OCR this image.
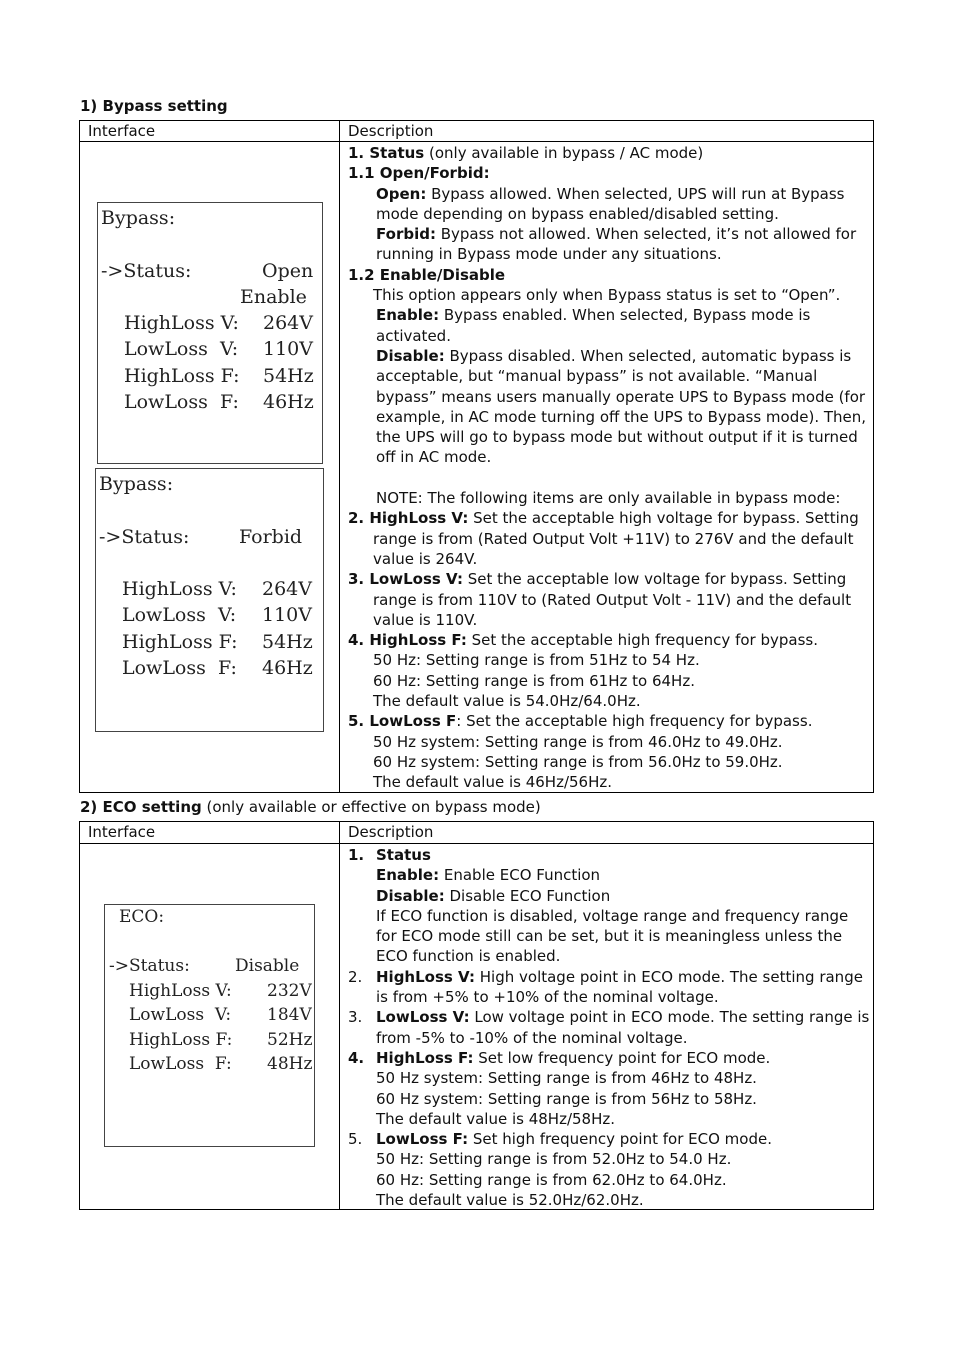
1) Bypass setting
Interface	Description
Bypass:
->Status:	Open
Enable
HighLoss V: 264V
LowLoss  V: 110V
HighLoss F: 54Hz
LowLoss  F: 46Hz
Bypass:
->Status:	Forbid
HighLoss V: 264V
LowLoss  V: 110V
HighLoss F: 54Hz
LowLoss  F: 46Hz

1. Status (only available in bypass / AC mode)

1.1 Open/Forbid:

Open: Bypass allowed. When selected, UPS will run at Bypass mode depending on bypass enabled/disabled setting.

Forbid: Bypass not allowed. When selected, it’s not allowed for running in Bypass mode under any situations.

1.2 Enable/Disable

This option appears only when Bypass status is set to “Open”.

Enable: Bypass enabled. When selected, Bypass mode is activated.

Disable: Bypass disabled. When selected, automatic bypass is acceptable, but “manual bypass” is not available. “Manual bypass” means users manually operate UPS to Bypass mode (for example, in AC mode turning off the UPS to Bypass mode). Then, the UPS will go to bypass mode but without output if it is turned off in AC mode.

NOTE: The following items are only available in bypass mode:

2. HighLoss V: Set the acceptable high voltage for bypass. Setting range is from (Rated Output Volt +11V) to 276V and the default value is 264V.

3. LowLoss V: Set the acceptable low voltage for bypass. Setting range is from 110V to (Rated Output Volt - 11V) and the default value is 110V.

4. HighLoss F: Set the acceptable high frequency for bypass.

50 Hz: Setting range is from 51Hz to 54 Hz.

60 Hz: Setting range is from 61Hz to 64Hz.

The default value is 54.0Hz/64.0Hz.

5. LowLoss F: Set the acceptable high frequency for bypass.

50 Hz system: Setting range is from 46.0Hz to 49.0Hz.

60 Hz system: Setting range is from 56.0Hz to 59.0Hz.

The default value is 46Hz/56Hz.

2) ECO setting (only available or effective on bypass mode)
Interface	Description
ECO:
->Status:	Disable
HighLoss V: 232V
LowLoss  V: 184V
HighLoss F: 52Hz
LowLoss  F: 48Hz

1. Status

Enable: Enable ECO Function

Disable: Disable ECO Function

If ECO function is disabled, voltage range and frequency range for ECO mode still can be set, but it is meaningless unless the ECO function is enabled.

2. HighLoss V: High voltage point in ECO mode. The setting range is from +5% to +10% of the nominal voltage.

3. LowLoss V: Low voltage point in ECO mode. The setting range is from -5% to -10% of the nominal voltage.

4. HighLoss F: Set low frequency point for ECO mode.

50 Hz system: Setting range is from 46Hz to 48Hz.

60 Hz system: Setting range is from 56Hz to 58Hz.

The default value is 48Hz/58Hz.

5. LowLoss F: Set high frequency point for ECO mode.

50 Hz: Setting range is from 52.0Hz to 54.0 Hz.

60 Hz: Setting range is from 62.0Hz to 64.0Hz.

The default value is 52.0Hz/62.0Hz.
